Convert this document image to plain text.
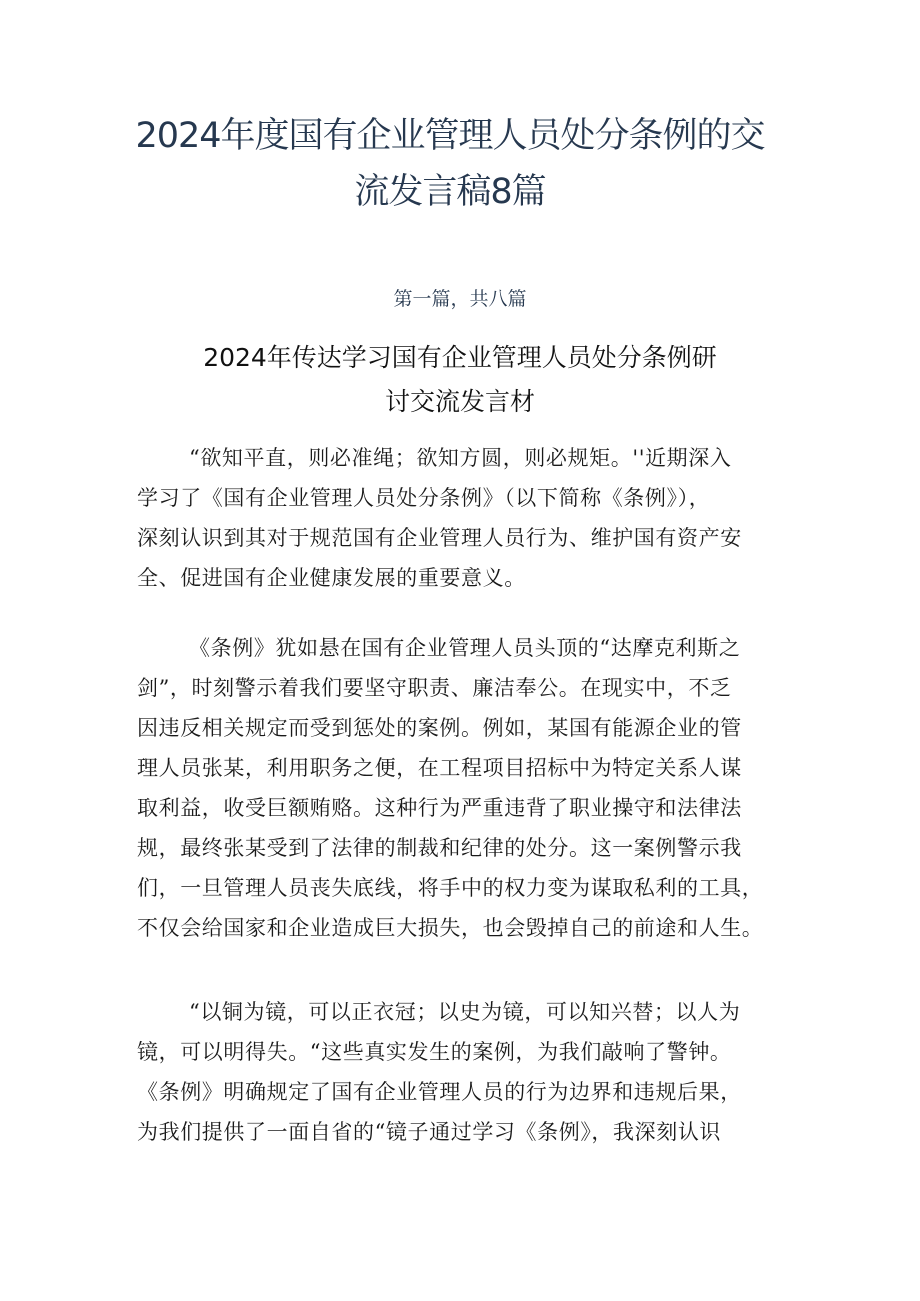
2024年度国有企业管理人员处分条例的交
流发言稿8篇
第一篇，共八篇
2024年传达学习国有企业管理人员处分条例研
讨交流发言材
“欲知平直，则必准绳；欲知方圆，则必规矩。''近期深入
学习了《国有企业管理人员处分条例》（以下简称《条例》），
深刻认识到其对于规范国有企业管理人员行为、维护国有资产安
全、促进国有企业健康发展的重要意义。
《条例》犹如悬在国有企业管理人员头顶的“达摩克利斯之
剑”，时刻警示着我们要坚守职责、廉洁奉公。在现实中，不乏
因违反相关规定而受到惩处的案例。例如，某国有能源企业的管
理人员张某，利用职务之便，在工程项目招标中为特定关系人谋
取利益，收受巨额贿赂。这种行为严重违背了职业操守和法律法
规，最终张某受到了法律的制裁和纪律的处分。这一案例警示我
们，一旦管理人员丧失底线，将手中的权力变为谋取私利的工具，
不仅会给国家和企业造成巨大损失，也会毁掉自己的前途和人生。
“以铜为镜，可以正衣冠；以史为镜，可以知兴替；以人为
镜，可以明得失。“这些真实发生的案例，为我们敲响了警钟。
《条例》明确规定了国有企业管理人员的行为边界和违规后果，
为我们提供了一面自省的“镜子通过学习《条例》，我深刻认识
